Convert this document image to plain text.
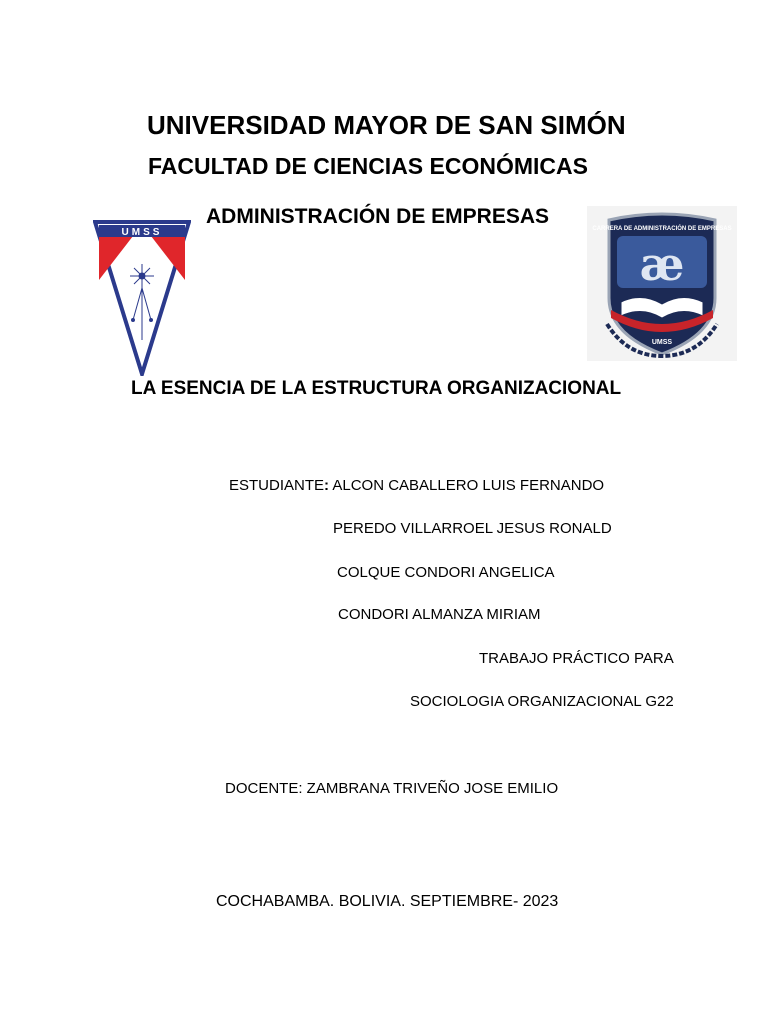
UNIVERSIDAD MAYOR DE SAN SIMÓN
FACULTAD DE CIENCIAS ECONÓMICAS
ADMINISTRACIÓN DE EMPRESAS
UMSS	CARRERA DE ADMINISTRACIÓN DE EMPRESAS
æ
UMSS
LA ESENCIA DE LA ESTRUCTURA ORGANIZACIONAL
ESTUDIANTE: ALCON CABALLERO LUIS FERNANDO
PEREDO VILLARROEL JESUS RONALD
COLQUE CONDORI ANGELICA
CONDORI ALMANZA MIRIAM
TRABAJO PRÁCTICO PARA
SOCIOLOGIA ORGANIZACIONAL G22
DOCENTE: ZAMBRANA TRIVEÑO JOSE EMILIO
COCHABAMBA. BOLIVIA. SEPTIEMBRE- 2023
